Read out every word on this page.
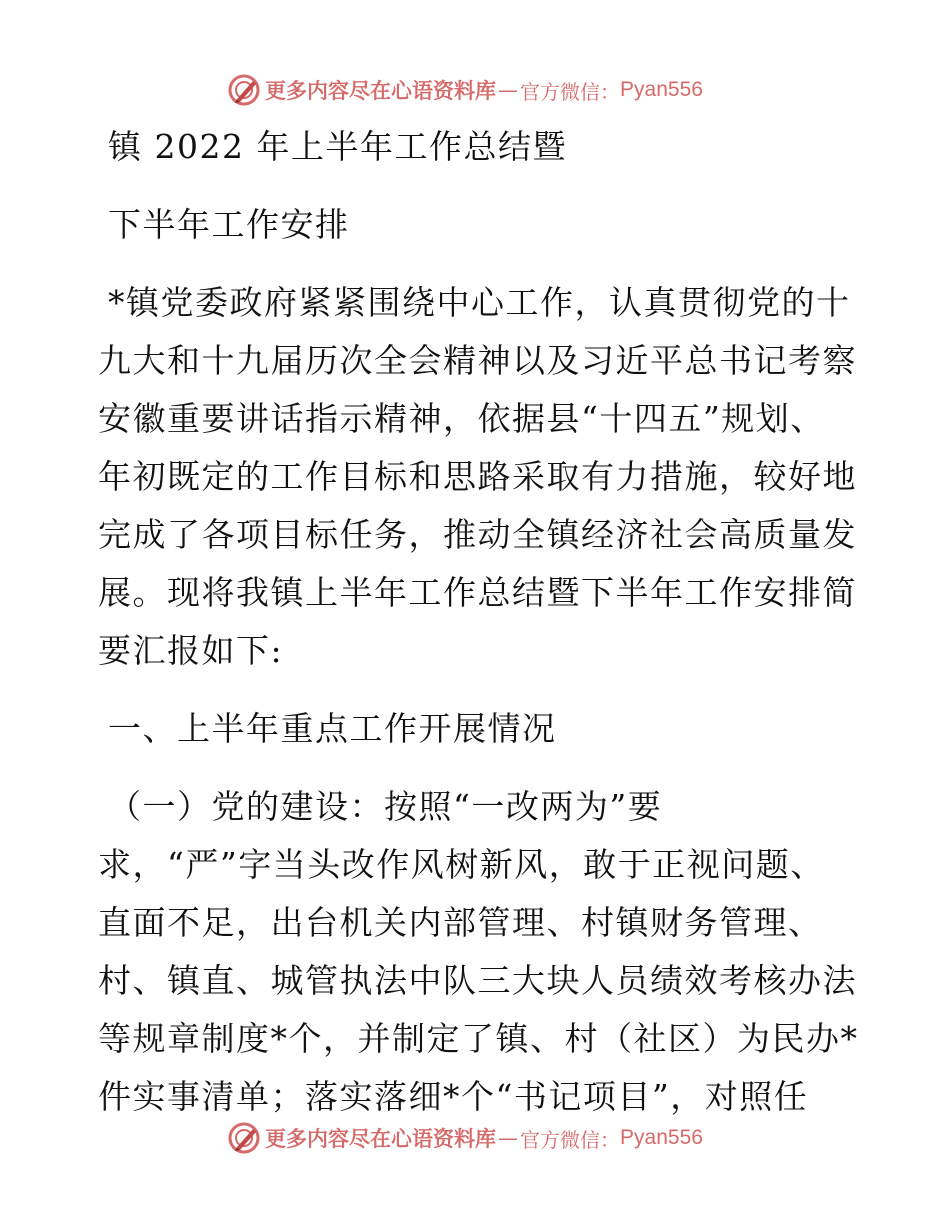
更多内容尽在心语资料库 — 官方微信： Pyan556
镇 2022 年上半年工作总结暨
下半年工作安排
*镇党委政府紧紧围绕中心工作，认真贯彻党的十
九大和十九届历次全会精神以及习近平总书记考察
安徽重要讲话指示精神，依据县“十四五”规划、
年初既定的工作目标和思路采取有力措施，较好地
完成了各项目标任务，推动全镇经济社会高质量发
展。现将我镇上半年工作总结暨下半年工作安排简
要汇报如下:
一、上半年重点工作开展情况
（一）党的建设：按照“一改两为”要
求，“严”字当头改作风树新风，敢于正视问题、
直面不足，出台机关内部管理、村镇财务管理、
村、镇直、城管执法中队三大块人员绩效考核办法
等规章制度*个，并制定了镇、村（社区）为民办*
件实事清单；落实落细*个“书记项目”，对照任
更多内容尽在心语资料库 — 官方微信： Pyan556
